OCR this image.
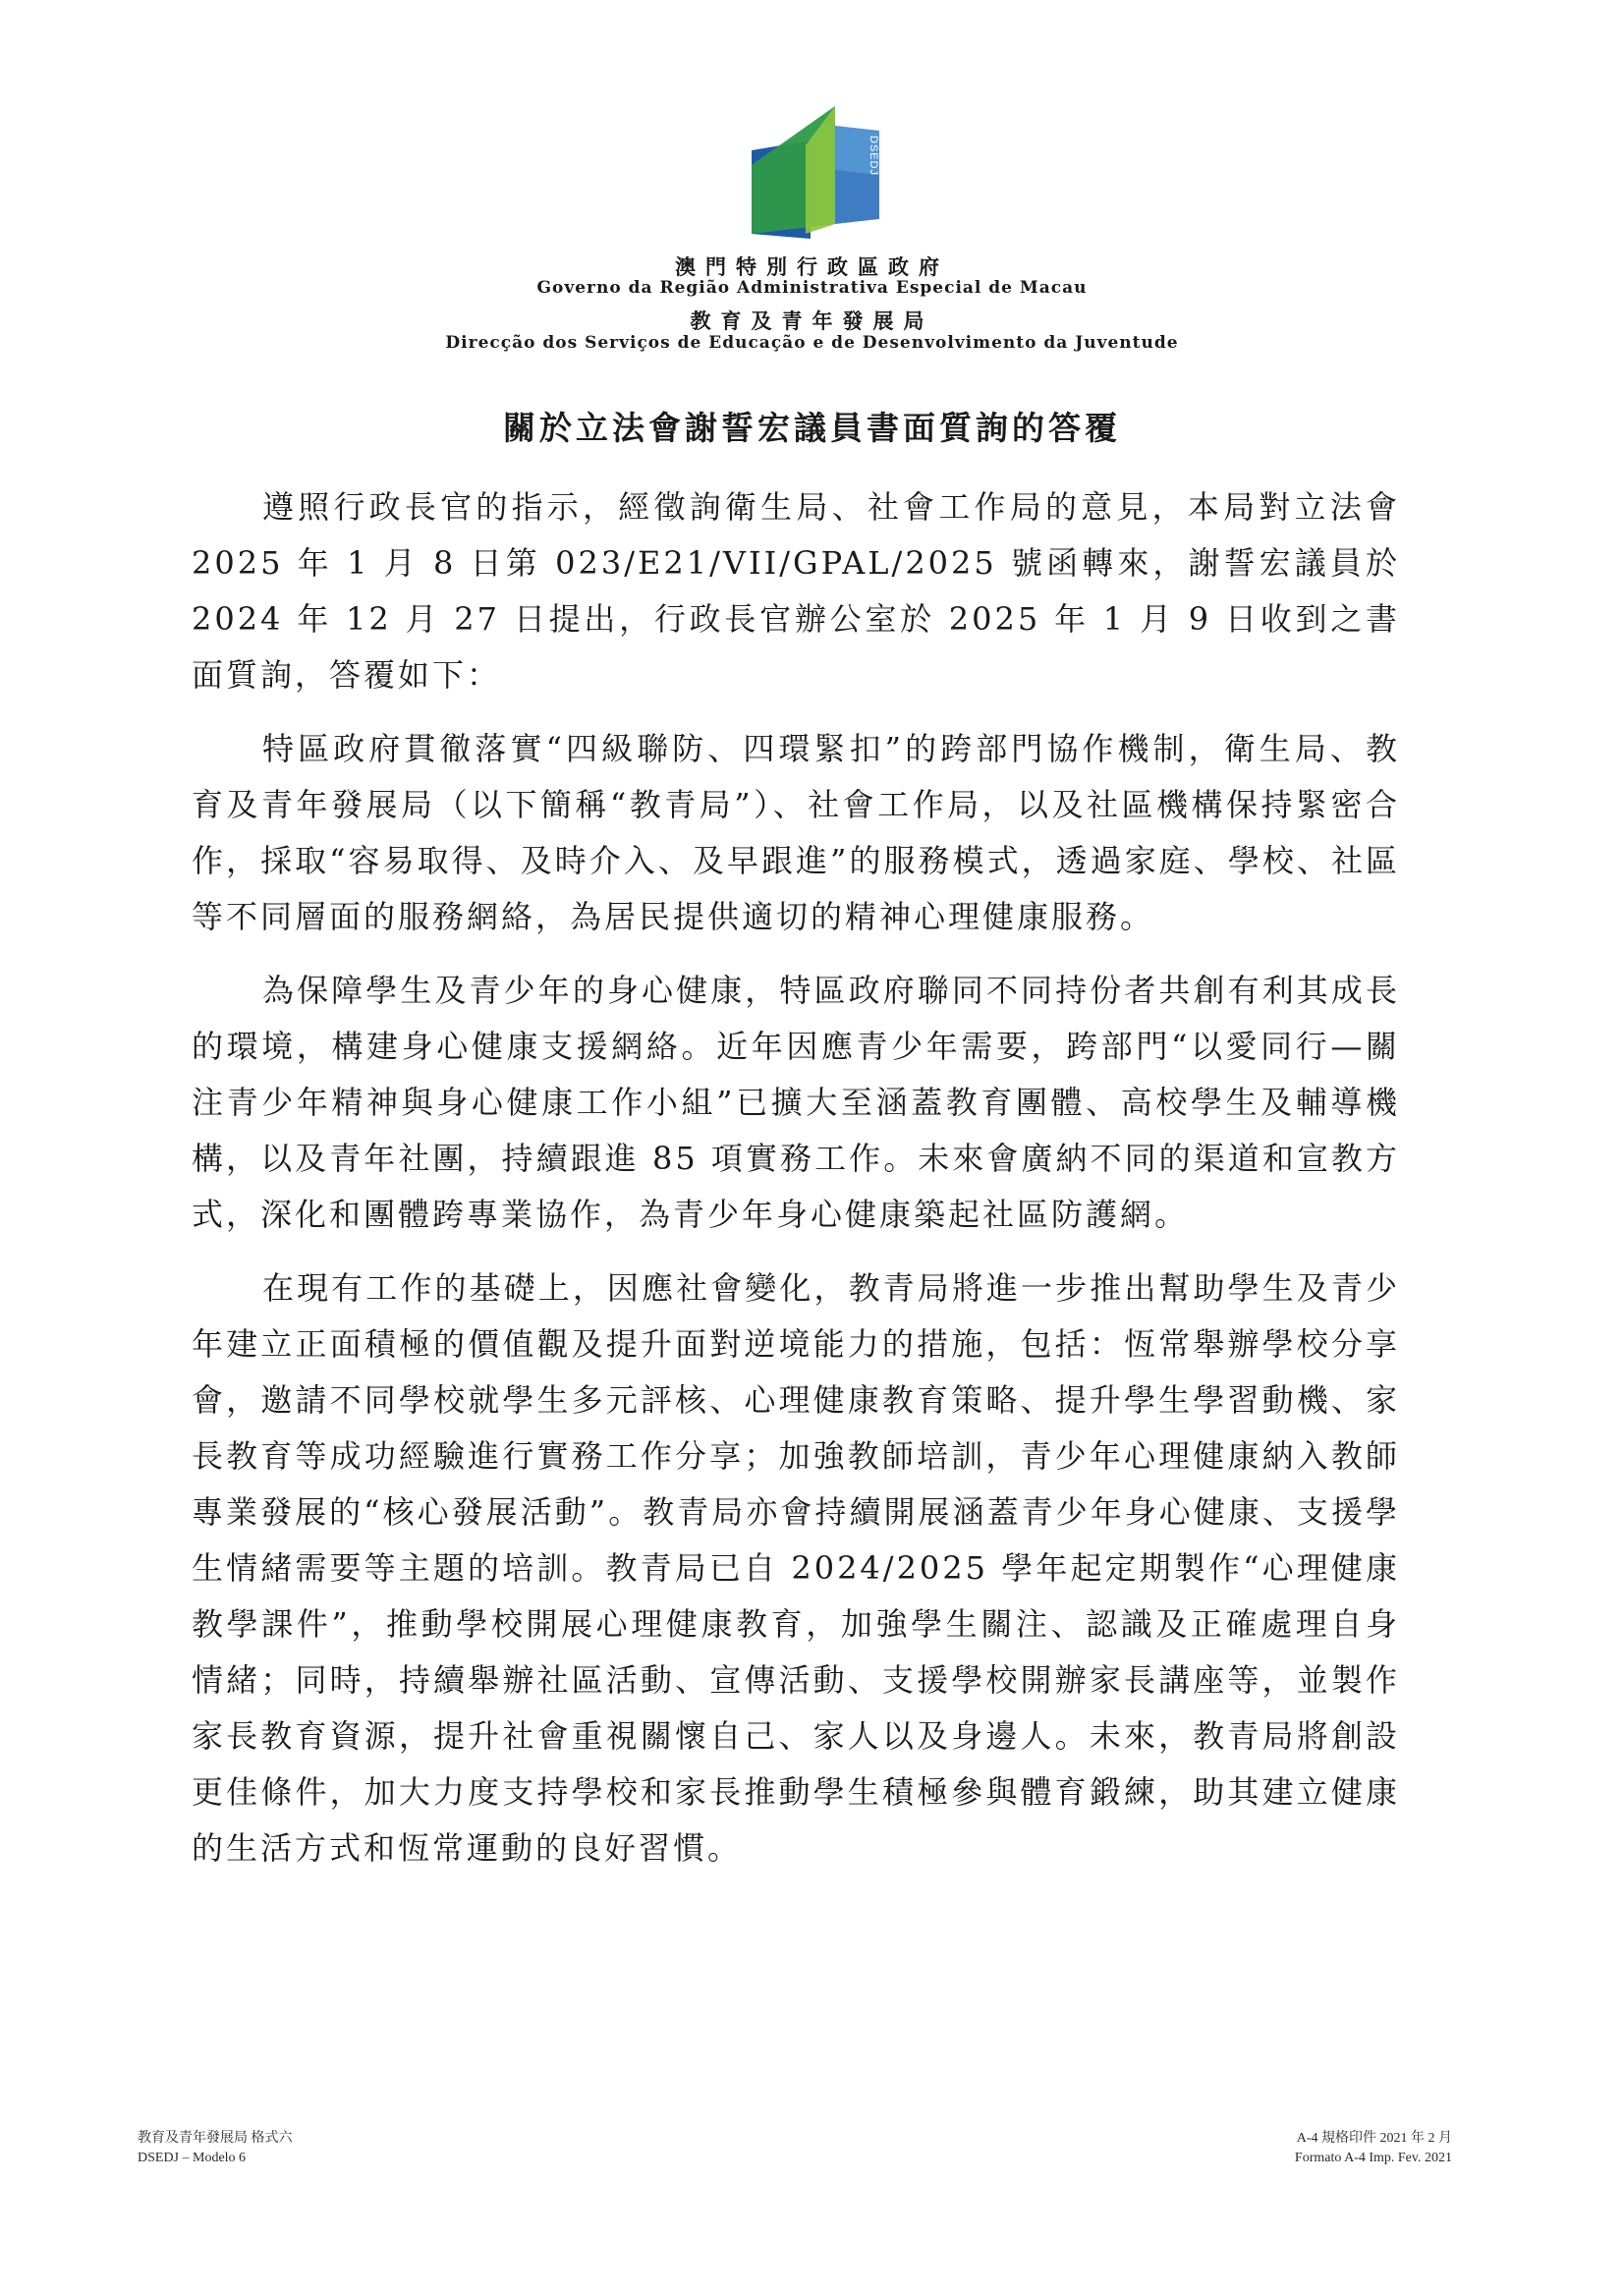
DSEDJ
澳門特別行政區政府
Governo da Região Administrativa Especial de Macau
教育及青年發展局
Direcção dos Serviços de Educação e de Desenvolvimento da Juventude
關於立法會謝誓宏議員書面質詢的答覆

遵照行政長官的指示，經徵詢衛生局、社會工作局的意見，本局對立法會 2025 年 1 月 8 日第 023/E21/VII/GPAL/2025 號函轉來，謝誓宏議員於 2024 年 12 月 27 日提出，行政長官辦公室於 2025 年 1 月 9 日收到之書面質詢，答覆如下：

特區政府貫徹落實“四級聯防、四環緊扣”的跨部門協作機制，衛生局、教育及青年發展局（以下簡稱“教青局”）、社會工作局，以及社區機構保持緊密合作，採取“容易取得、及時介入、及早跟進”的服務模式，透過家庭、學校、社區等不同層面的服務網絡，為居民提供適切的精神心理健康服務。

為保障學生及青少年的身心健康，特區政府聯同不同持份者共創有利其成長的環境，構建身心健康支援網絡。近年因應青少年需要，跨部門“以愛同行—關注青少年精神與身心健康工作小組”已擴大至涵蓋教育團體、高校學生及輔導機構，以及青年社團，持續跟進 85 項實務工作。未來會廣納不同的渠道和宣教方式，深化和團體跨專業協作，為青少年身心健康築起社區防護網。

在現有工作的基礎上，因應社會變化，教青局將進一步推出幫助學生及青少年建立正面積極的價值觀及提升面對逆境能力的措施，包括：恆常舉辦學校分享會，邀請不同學校就學生多元評核、心理健康教育策略、提升學生學習動機、家長教育等成功經驗進行實務工作分享；加強教師培訓，青少年心理健康納入教師專業發展的“核心發展活動”。教青局亦會持續開展涵蓋青少年身心健康、支援學生情緒需要等主題的培訓。教青局已自 2024/2025 學年起定期製作“心理健康教學課件”，推動學校開展心理健康教育，加強學生關注、認識及正確處理自身情緒；同時，持續舉辦社區活動、宣傳活動、支援學校開辦家長講座等，並製作家長教育資源，提升社會重視關懷自己、家人以及身邊人。未來，教青局將創設更佳條件，加大力度支持學校和家長推動學生積極參與體育鍛練，助其建立健康的生活方式和恆常運動的良好習慣。

教育及青年發展局 格式六
DSEDJ – Modelo 6
A-4 規格印件 2021 年 2 月
Formato A-4 Imp. Fev. 2021
